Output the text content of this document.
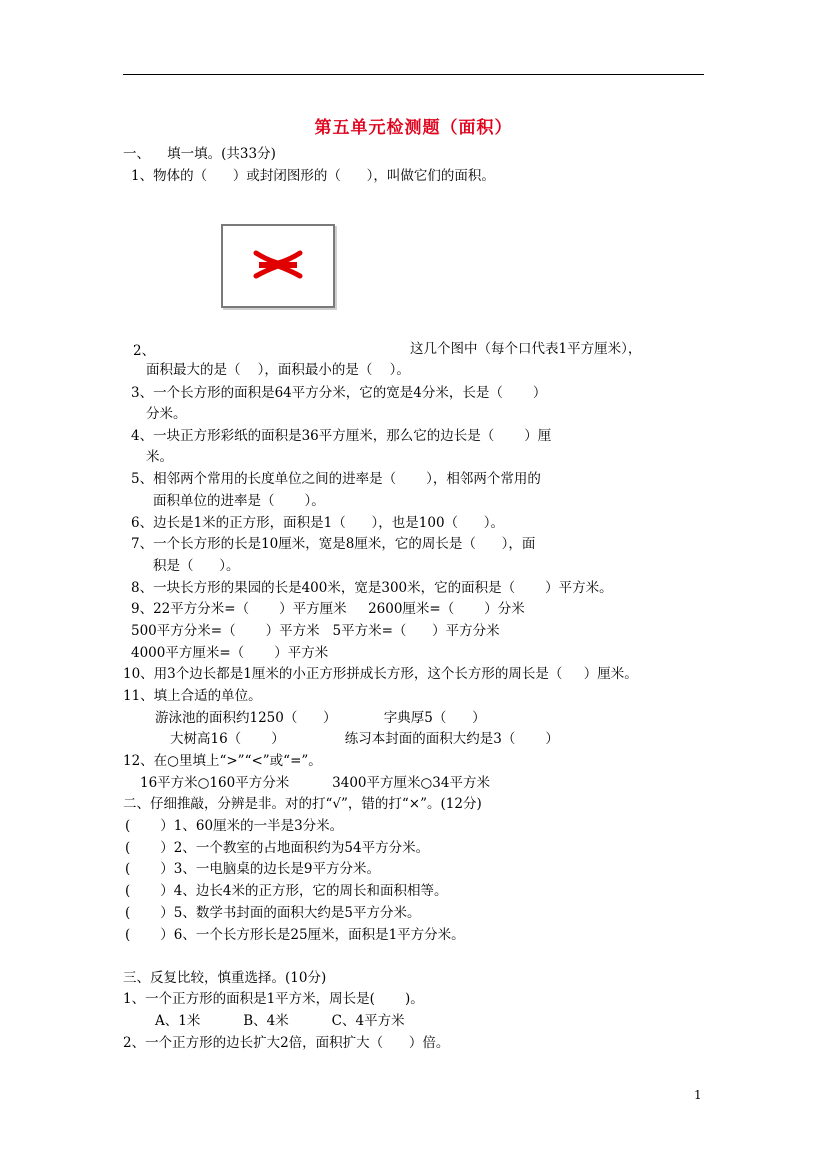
第五单元检测题（面积）
一、    填一填。(共33分)
1、物体的（      ）或封闭图形的（      ），叫做它们的面积。
2、	这几个图中（每个口代表1平方厘米），
面积最大的是（    ），面积最小的是（    ）。
3、一个长方形的面积是64平方分米，它的宽是4分米，长是（       ）
分米。
4、一块正方形彩纸的面积是36平方厘米，那么它的边长是（       ）厘
米。
5、相邻两个常用的长度单位之间的进率是（       ），相邻两个常用的
面积单位的进率是（       ）。
6、边长是1米的正方形，面积是1（      ），也是100（      ）。
7、一个长方形的长是10厘米，宽是8厘米，它的周长是（      ），面
积是（      ）。
8、一块长方形的果园的长是400米，宽是300米，它的面积是（       ）平方米。
9、22平方分米=（       ）平方厘米     2600厘米=（       ）分米
500平方分米=（       ）平方米   5平方米=（      ）平方分米
4000平方厘米=（       ）平方米
10、用3个边长都是1厘米的小正方形拼成长方形，这个长方形的周长是（     ）厘米。
11、填上合适的单位。
游泳池的面积约1250（      ）           字典厚5（      ）
大树高16（       ）              练习本封面的面积大约是3（       ）
12、在○里填上“>”“<”或“=”。
16平方米○160平方分米          3400平方厘米○34平方米
二、仔细推敲，分辨是非。对的打“√”，错的打“×”。(12分)
(       ）1、60厘米的一半是3分米。
(       ）2、一个教室的占地面积约为54平方分米。
(       ）3、一电脑桌的边长是9平方分米。
(       ）4、边长4米的正方形，它的周长和面积相等。
(       ）5、数学书封面的面积大约是5平方分米。
(       ）6、一个长方形长是25厘米，面积是1平方分米。
三、反复比较，慎重选择。(10分)
1、一个正方形的面积是1平方米，周长是(       )。
A、1米          B、4米          C、4平方米
2、一个正方形的边长扩大2倍，面积扩大（      ）倍。
1
